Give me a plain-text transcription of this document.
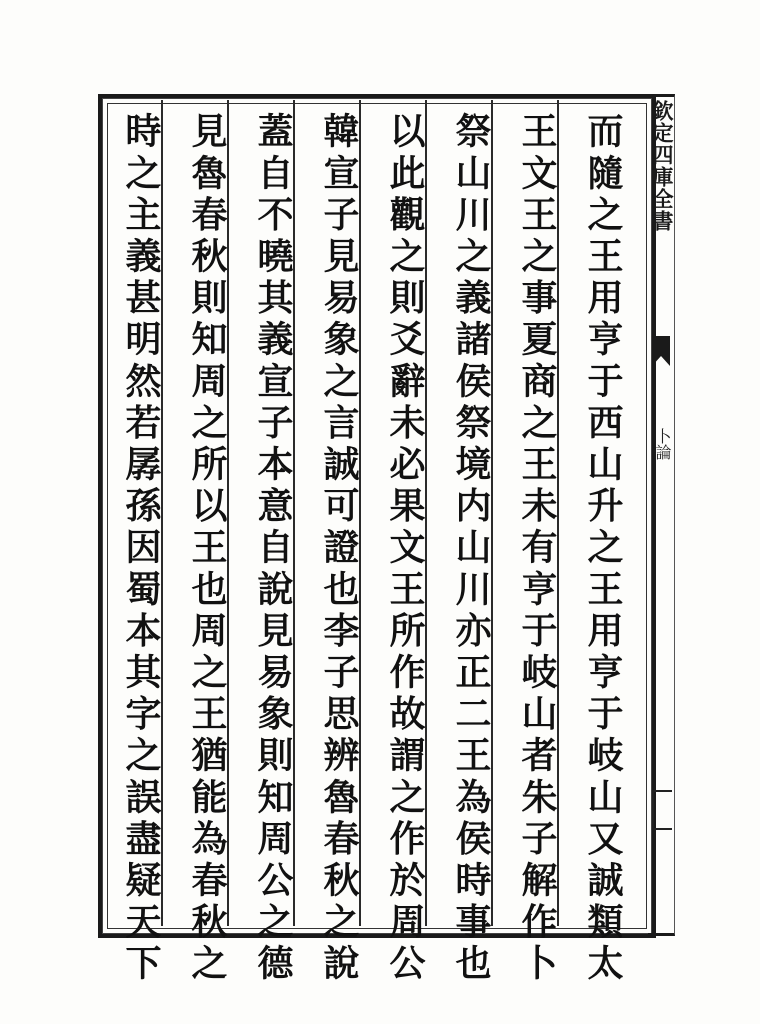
而隨之王用亨于西山升之王用亨于岐山又誠類太
王文王之事夏商之王未有亨于岐山者朱子解作卜
祭山川之義諸侯祭境内山川亦正二王為侯時事也
以此觀之則爻辭未必果文王所作故謂之作於周公
韓宣子見易象之言誠可證也李子思辨魯春秋之說
蓋自不曉其義宣子本意自說見易象則知周公之德
見魯春秋則知周之所以王也周之王猶能為春秋之
時之主義甚明然若孱孫因蜀本其字之誤盡疑天下	欽定四庫全書
卜論
